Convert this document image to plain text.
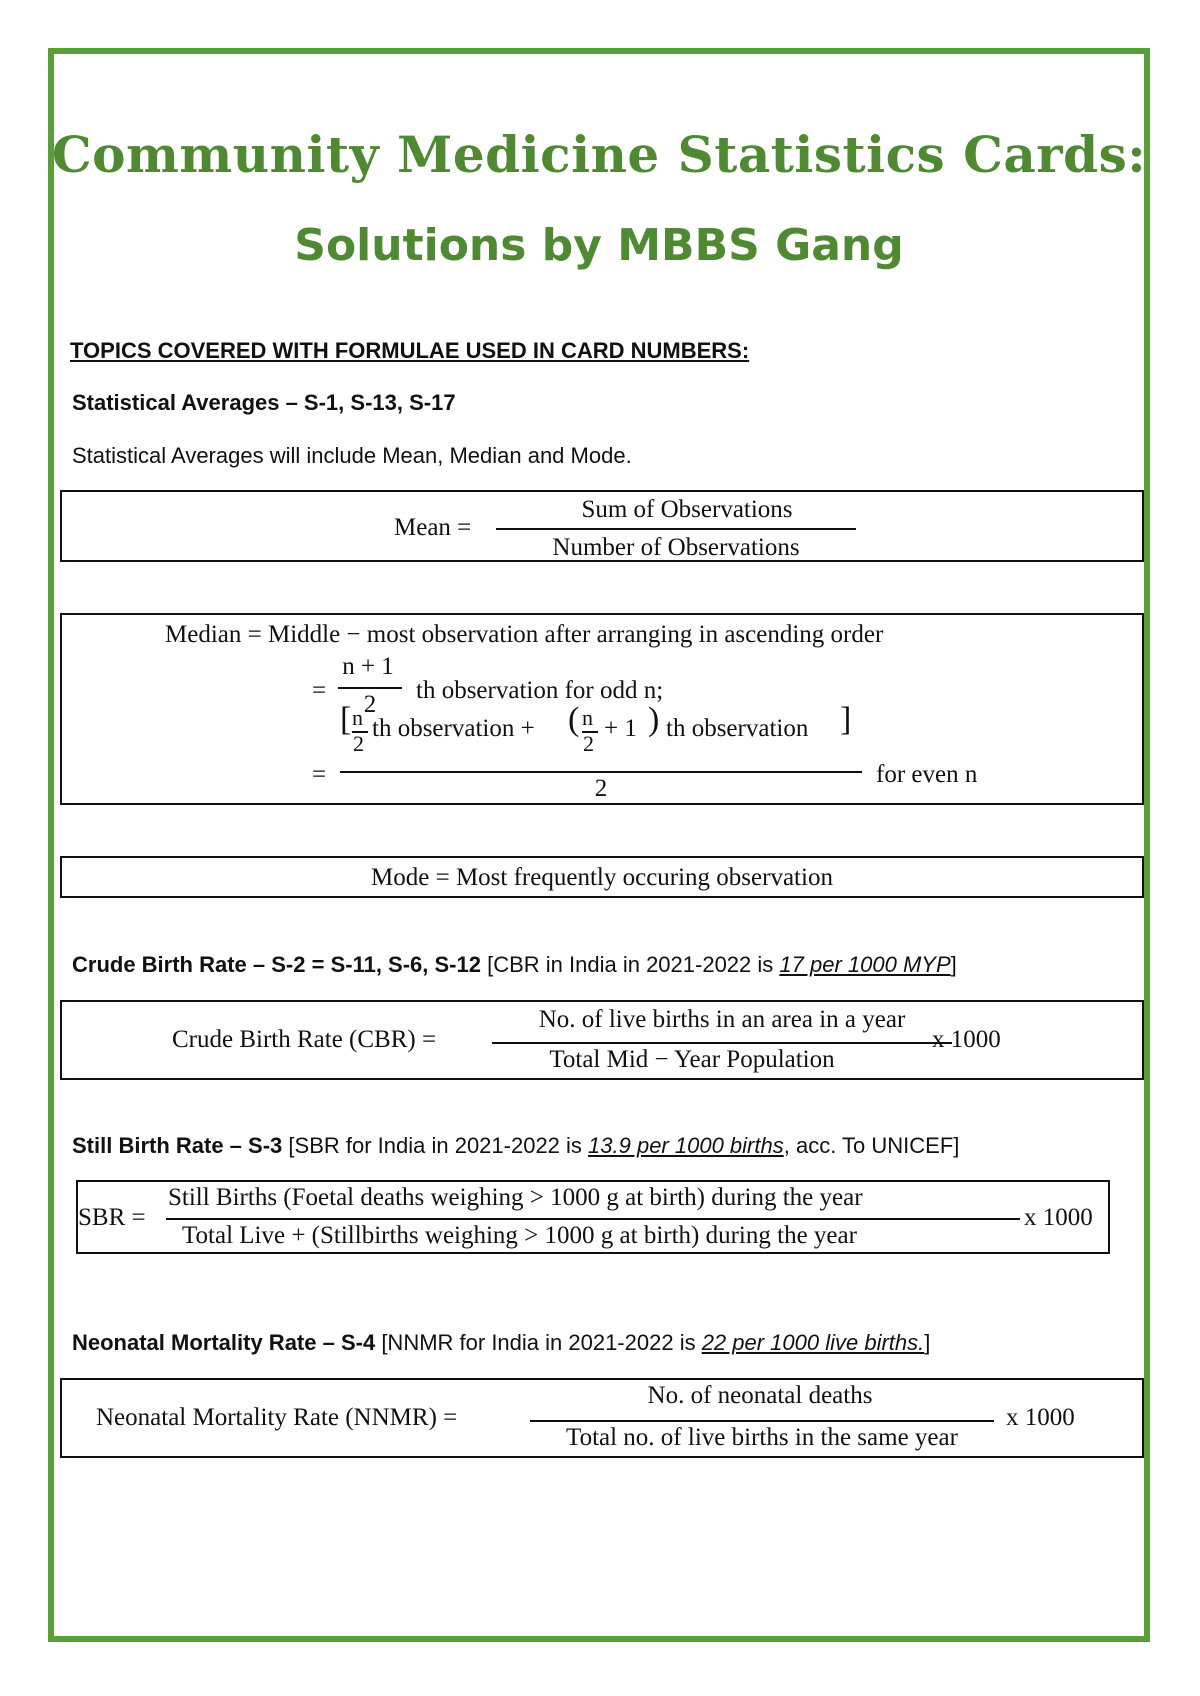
Community Medicine Statistics Cards:
Solutions by MBBS Gang
TOPICS COVERED WITH FORMULAE USED IN CARD NUMBERS:
Statistical Averages – S-1, S-13, S-17
Statistical Averages will include Mean, Median and Mode.
Mean =
Sum of Observations
Number of Observations
Median = Middle − most observation after arranging in ascending order
=
n + 1
2
th observation for odd n;
=
[ n
2
th observation + ( n
2
+ 1 ) th observation ]
2
for even n
Mode = Most frequently occuring observation
Crude Birth Rate – S-2 = S-11, S-6, S-12 [CBR in India in 2021-2022 is 17 per 1000 MYP]
Crude Birth Rate (CBR) =
No. of live births in an area in a year
Total Mid − Year Population
x 1000
Still Birth Rate – S-3 [SBR for India in 2021-2022 is 13.9 per 1000 births, acc. To UNICEF]
SBR =
Still Births (Foetal deaths weighing > 1000 g at birth) during the year
Total Live + (Stillbirths weighing > 1000 g at birth) during the year
x 1000
Neonatal Mortality Rate – S-4 [NNMR for India in 2021-2022 is 22 per 1000 live births.]
Neonatal Mortality Rate (NNMR) =
No. of neonatal deaths
Total no. of live births in the same year
x 1000
